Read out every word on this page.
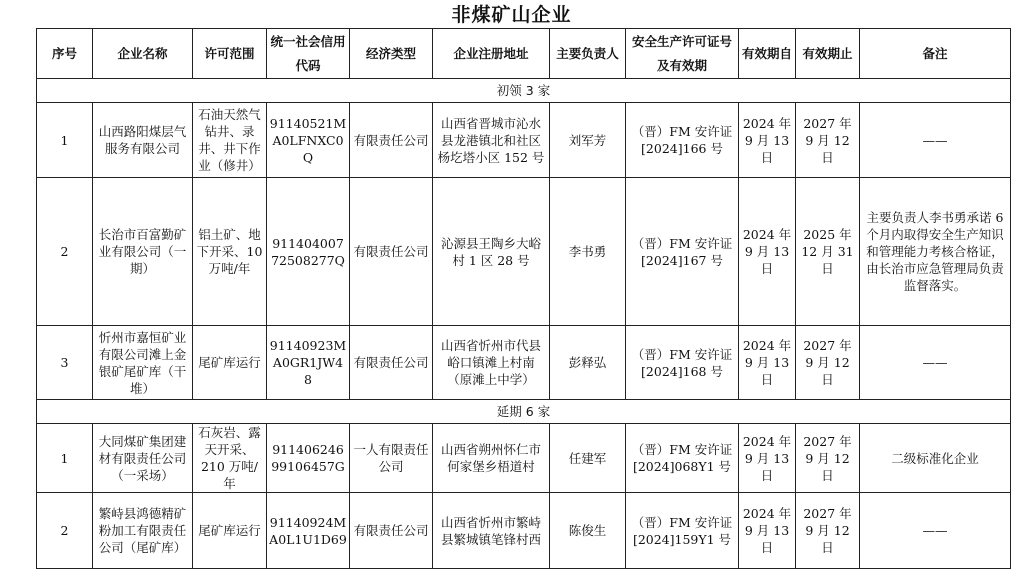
非煤矿山企业
序号	企业名称	许可范围	统一社会信用代码	经济类型	企业注册地址	主要负责人	安全生产许可证号及有效期	有效期自	有效期止	备注
初领 3 家										
1	山西路阳煤层气服务有限公司	石油天然气钻井、录井、井下作业（修井）	91140521MA0LFNXC0Q	有限责任公司	山西省晋城市沁水县龙港镇北和社区杨圪塔小区 152 号	刘军芳	（晋）FM 安许证[2024]166 号	2024 年 9 月 13 日	2027 年 9 月 12 日	——
2	长治市百富勤矿业有限公司（一期）	铝土矿、地下开采、10 万吨/年	91140400772508277Q	有限责任公司	沁源县王陶乡大峪村 1 区 28 号	李书勇	（晋）FM 安许证[2024]167 号	2024 年 9 月 13 日	2025 年 12 月 31 日	主要负责人李书勇承诺 6 个月内取得安全生产知识和管理能力考核合格证，由长治市应急管理局负责监督落实。
3	忻州市嘉恒矿业有限公司滩上金银矿尾矿库（干堆）	尾矿库运行	91140923MA0GR1JW48	有限责任公司	山西省忻州市代县峪口镇滩上村南（原滩上中学）	彭释弘	（晋）FM 安许证[2024]168 号	2024 年 9 月 13 日	2027 年 9 月 12 日	——
延期 6 家										
1	大同煤矿集团建材有限责任公司（一采场）	石灰岩、露天开采、210 万吨/年	91140624699106457G	一人有限责任公司	山西省朔州怀仁市何家堡乡梧道村	任建军	（晋）FM 安许证[2024]068Y1 号	2024 年 9 月 13 日	2027 年 9 月 12 日	二级标准化企业
2	繁峙县鸿德精矿粉加工有限责任公司（尾矿库）	尾矿库运行	91140924MA0L1U1D69	有限责任公司	山西省忻州市繁峙县繁城镇笔锋村西	陈俊生	（晋）FM 安许证[2024]159Y1 号	2024 年 9 月 13 日	2027 年 9 月 12 日	——
